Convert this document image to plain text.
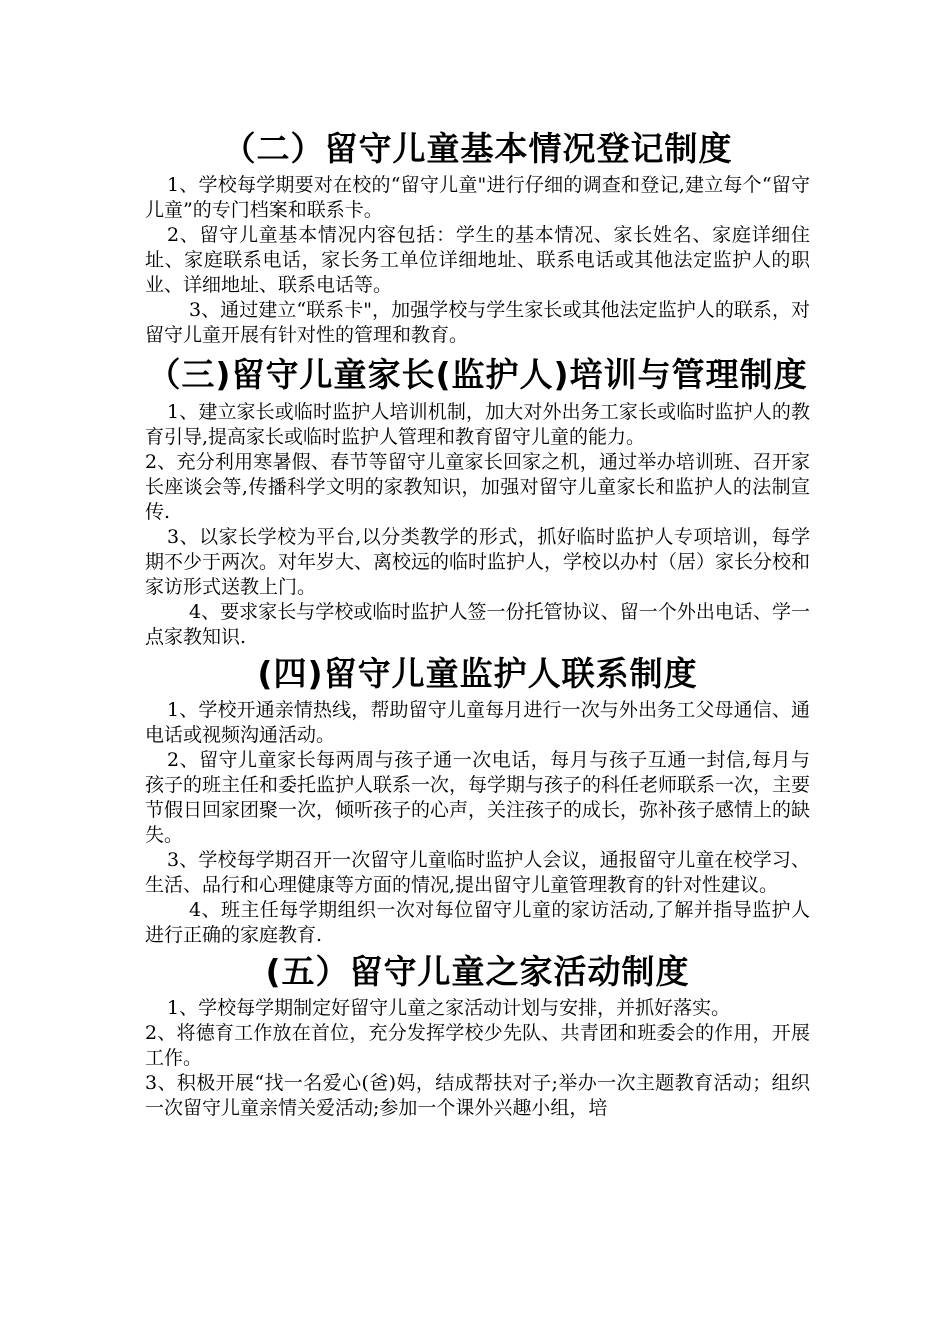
（二）留守儿童基本情况登记制度

1、学校每学期要对在校的“留守儿童"进行仔细的调查和登记,建立每个“留守儿童”的专门档案和联系卡。

2、留守儿童基本情况内容包括：学生的基本情况、家长姓名、家庭详细住址、家庭联系电话，家长务工单位详细地址、联系电话或其他法定监护人的职业、详细地址、联系电话等。

3、通过建立“联系卡"，加强学校与学生家长或其他法定监护人的联系，对留守儿童开展有针对性的管理和教育。

（三)留守儿童家长(监护人)培训与管理制度

1、建立家长或临时监护人培训机制，加大对外出务工家长或临时监护人的教育引导,提高家长或临时监护人管理和教育留守儿童的能力。

2、充分利用寒暑假、春节等留守儿童家长回家之机，通过举办培训班、召开家长座谈会等,传播科学文明的家教知识，加强对留守儿童家长和监护人的法制宣传.

3、以家长学校为平台,以分类教学的形式，抓好临时监护人专项培训，每学期不少于两次。对年岁大、离校远的临时监护人，学校以办村（居）家长分校和家访形式送教上门。

4、要求家长与学校或临时监护人签一份托管协议、留一个外出电话、学一点家教知识.

(四)留守儿童监护人联系制度

1、学校开通亲情热线，帮助留守儿童每月进行一次与外出务工父母通信、通电话或视频沟通活动。

2、留守儿童家长每两周与孩子通一次电话，每月与孩子互通一封信,每月与孩子的班主任和委托监护人联系一次，每学期与孩子的科任老师联系一次，主要节假日回家团聚一次，倾听孩子的心声，关注孩子的成长，弥补孩子感情上的缺失。

3、学校每学期召开一次留守儿童临时监护人会议，通报留守儿童在校学习、生活、品行和心理健康等方面的情况,提出留守儿童管理教育的针对性建议。

4、班主任每学期组织一次对每位留守儿童的家访活动,了解并指导监护人进行正确的家庭教育.

(五）留守儿童之家活动制度

1、学校每学期制定好留守儿童之家活动计划与安排，并抓好落实。

2、将德育工作放在首位，充分发挥学校少先队、共青团和班委会的作用，开展工作。

3、积极开展“找一名爱心(爸)妈，结成帮扶对子;举办一次主题教育活动；组织一次留守儿童亲情关爱活动;参加一个课外兴趣小组，培
